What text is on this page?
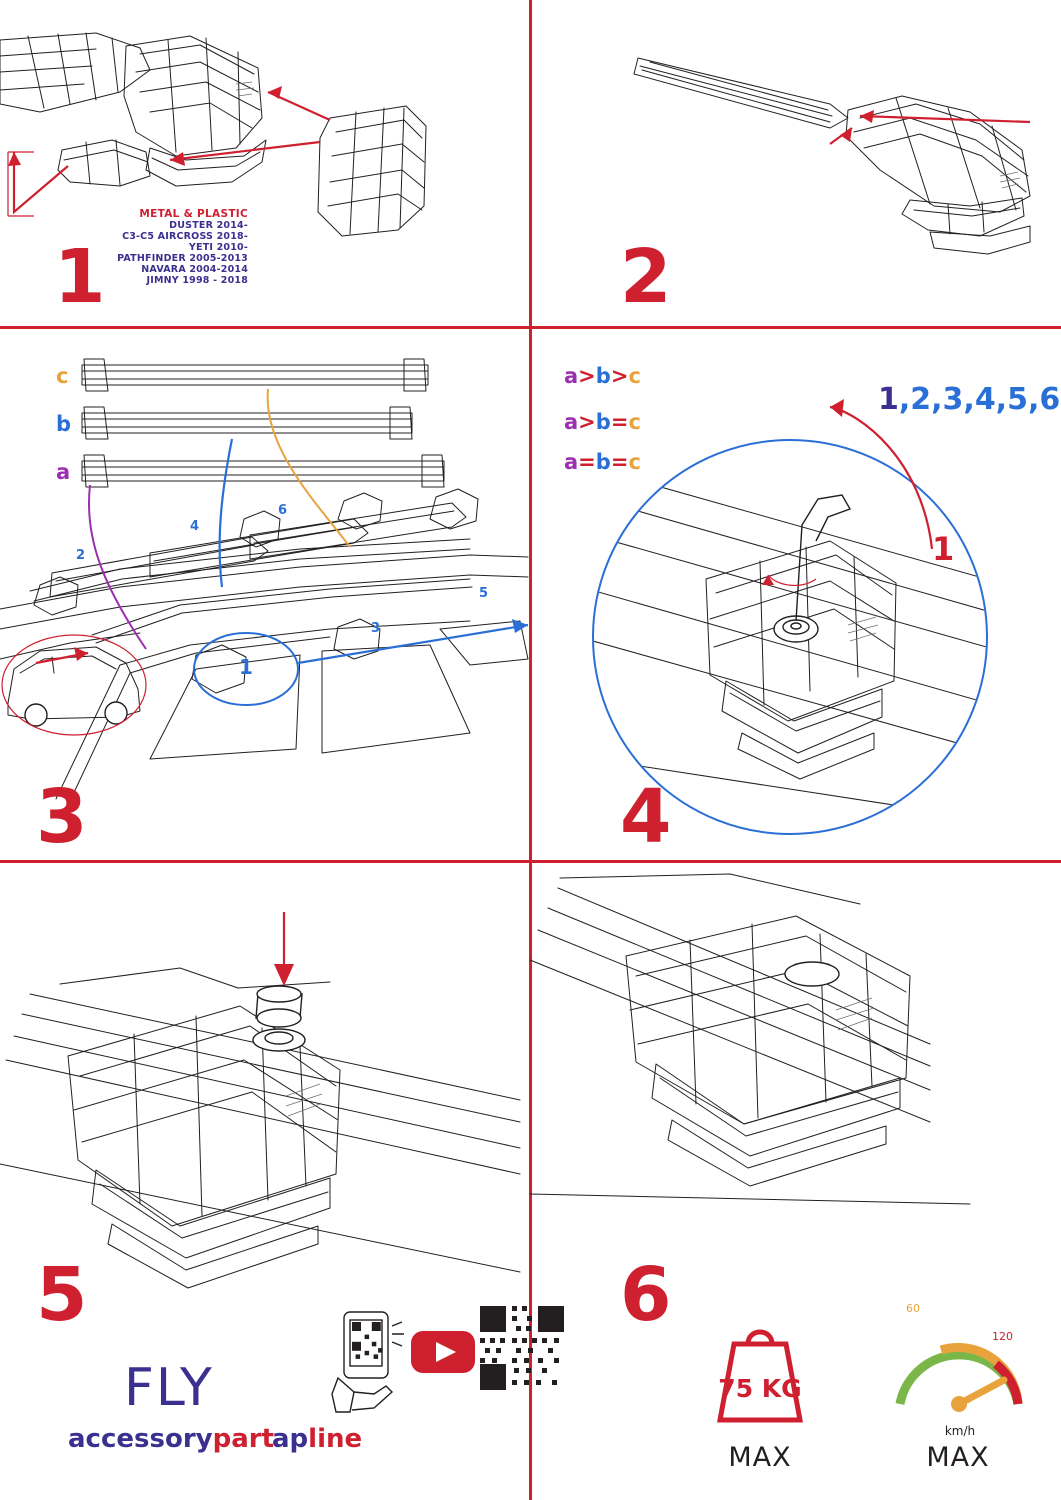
1
METAL & PLASTIC
DUSTER 2014-
C3-C5 AIRCROSS 2018-
YETI 2010-
PATHFINDER 2005-2013
NAVARA 2004-2014
JIMNY 1998 - 2018	2
c
b
a
a>b>c
a>b=c
a=b=c
2
4
6
3
5
1
3
1,2,3,4,5,6
1
4
5	6
FLY
accessorypart
apline
75 KG
MAX
60
120
km/h
MAX
